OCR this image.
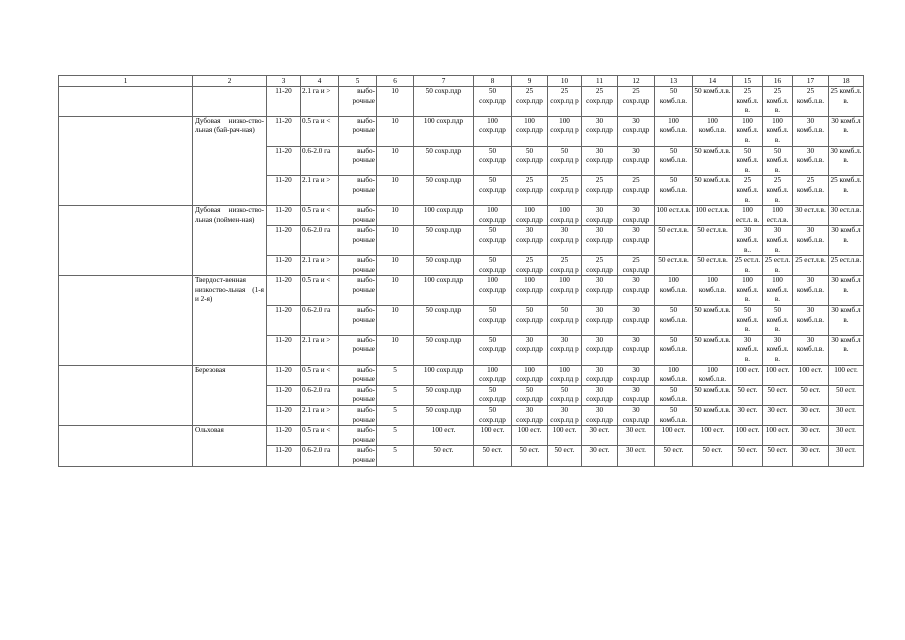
1	2	3	4	5	6	7	8	9	10	11	12	13	14	15	16	17	18
		11-20	2.1 га и >	выбо-рочные	10	50 сохр.пдр	50 сохр.пдр	25 сохр.пдр	25 сохр.пд р	25 сохр.пдр	25 сохр.пдр	50 комб.л.в.	50 комб.л.в.	25 комб.л. в.	25 комб.л. в.	25 комб.л.в.	25 комб.л. в.
	Дубовая низко-ство-льная (бай-рач-ная)	11-20	0.5 га и <	выбо-рочные	10	100 сохр.пдр	100 сохр.пдр	100 сохр.пдр	100 сохр.пд р	30 сохр.пдр	30 сохр.пдр	100 комб.л.в.	100 комб.л.в.	100 комб.л. в.	100 комб.л. в.	30 комб.л.в.	30 комб.л в.
		11-20	0.6-2.0 га	выбо-рочные	10	50 сохр.пдр	50 сохр.пдр	50 сохр.пдр	50 сохр.пд р	30 сохр.пдр	30 сохр.пдр	50 комб.л.в.	50 комб.л.в.	50 комб.л. в.	50 комб.л. в.	30 комб.л.в.	30 комб.л. в.
		11-20	2.1 га и >	выбо-рочные	10	50 сохр.пдр	50 сохр.пдр	25 сохр.пдр	25 сохр.пд р	25 сохр.пдр	25 сохр.пдр	50 комб.л.в.	50 комб.л.в.	25 комб.л. в.	25 комб.л. в.	25 комб.л.в.	25 комб.л. в.
	Дубовая низко-ство-льная (поймен-ная)	11-20	0.5 га и <	выбо-рочные	10	100 сохр.пдр	100 сохр.пдр	100 сохр.пдр	100 сохр.пд р	30 сохр.пдр	30 сохр.пдр	100 ест.л.в.	100 ест.л.в.	100 ест.л. в.	100 ест.л.в.	30 ест.л.в.	30 ест.л.в.
		11-20	0.6-2.0 га	выбо-рочные	10	50 сохр.пдр	50 сохр.пдр	30 сохр.пдр	30 сохр.пд р	30 сохр.пдр	30 сохр.пдр	50 ест.л.в.	50 ест.л.в.	30 комб.л. в..	30 комб.л. в.	30 комб.л.в.	30 комб.л в.
		11-20	2.1 га и >	выбо-рочные	10	50 сохр.пдр	50 сохр.пдр	25 сохр.пдр	25 сохр.пд р	25 сохр.пдр	25 сохр.пдр	50 ест.л.в.	50 ест.л.в.	25 ест.л. в.	25 ест.л. в.	25 ест.л.в.	25 ест.л.в.
	Твердост-венная низкоство-льная (1-я и 2-я)	11-20	0.5 га и <	выбо-рочные	10	100 сохр.пдр	100 сохр.пдр	100 сохр.пдр	100 сохр.пд р	30 сохр.пдр	30 сохр.пдр	100 комб.л.в.	100 комб.л.в.	100 комб.л. в.	100 комб.л. в.	30 комб.л.в.	30 комб.л в.
		11-20	0.6-2.0 га	выбо-рочные	10	50 сохр.пдр	50 сохр.пдр	50 сохр.пдр	50 сохр.пд р	30 сохр.пдр	30 сохр.пдр	50 комб.л.в.	50 комб.л.в.	50 комб.л. в.	50 комб.л. в.	30 комб.л.в.	30 комб.л в.
		11-20	2.1 га и >	выбо-рочные	10	50 сохр.пдр	50 сохр.пдр	30 сохр.пдр	30 сохр.пд р	30 сохр.пдр	30 сохр.пдр	50 комб.л.в.	50 комб.л.в.	30 комб.л. в.	30 комб.л. в.	30 комб.л.в.	30 комб.л в.
	Березовая	11-20	0.5 га и <	выбо-рочные	5	100 сохр.пдр	100 сохр.пдр	100 сохр.пдр	100 сохр.пд р	30 сохр.пдр	30 сохр.пдр	100 комб.л.в.	100 комб.л.в.	100 ест.	100 ест.	100 ест.	100 ест.
		11-20	0.6-2.0 га	выбо-рочные	5	50 сохр.пдр	50 сохр.пдр	50 сохр.пдр	50 сохр.пд р	30 сохр.пдр	30 сохр.пдр	50 комб.л.в.	50 комб.л.в.	50 ест.	50 ест.	50 ест.	50 ест.
		11-20	2.1 га и >	выбо-рочные	5	50 сохр.пдр	50 сохр.пдр	30 сохр.пдр	30 сохр.пд р	30 сохр.пдр	30 сохр.пдр	50 комб.л.в.	50 комб.л.в.	30 ест.	30 ест.	30 ест.	30 ест.
	Ольховая	11-20	0.5 га и <	выбо-рочные	5	100 ест.	100 ест.	100 ест.	100 ест.	30 ест.	30 ест.	100 ест.	100 ест.	100 ест.	100 ест.	30 ест.	30 ест.
		11-20	0.6-2.0 га	выбо-рочные	5	50 ест.	50 ест.	50 ест.	50 ест.	30 ест.	30 ест.	50 ест.	50 ест.	50 ест.	50 ест.	30 ест.	30 ест.
